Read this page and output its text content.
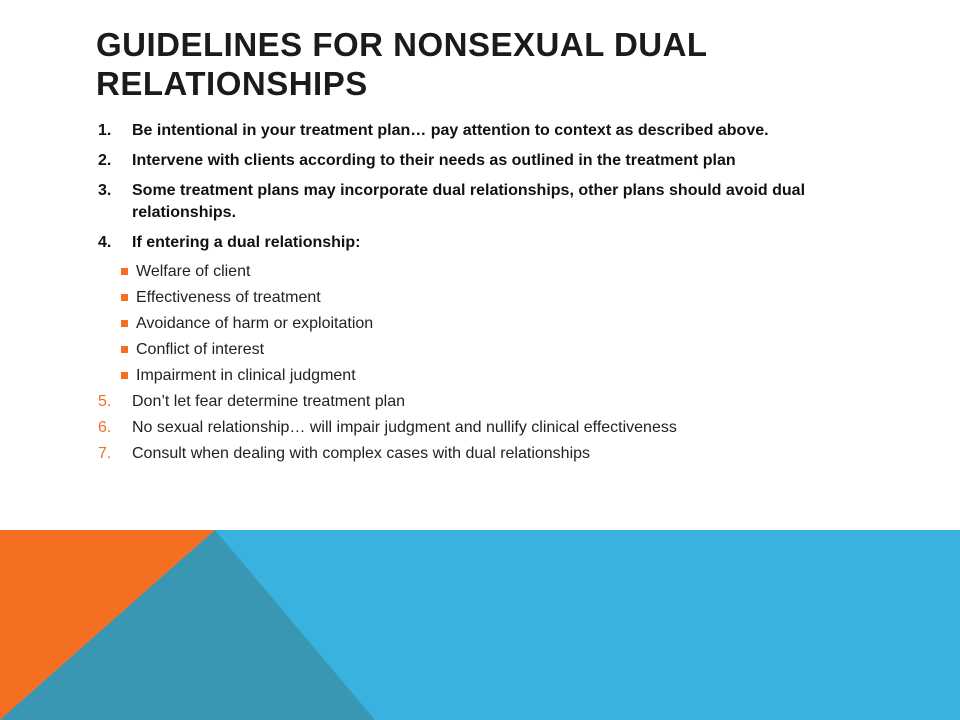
GUIDELINES FOR NONSEXUAL DUAL RELATIONSHIPS
1.	Be intentional in your treatment plan… pay attention to context as described above.
2.	Intervene with clients according to their needs as outlined in the treatment plan
3.	Some treatment plans may incorporate dual relationships, other plans should avoid dual relationships.
4.	If entering a dual relationship:
Welfare of client
Effectiveness of treatment
Avoidance of harm or exploitation
Conflict of interest
Impairment in clinical judgment
5.	Don’t let fear determine treatment plan
6.	No sexual relationship… will impair judgment and nullify clinical effectiveness
7.	Consult when dealing with complex cases with dual relationships
